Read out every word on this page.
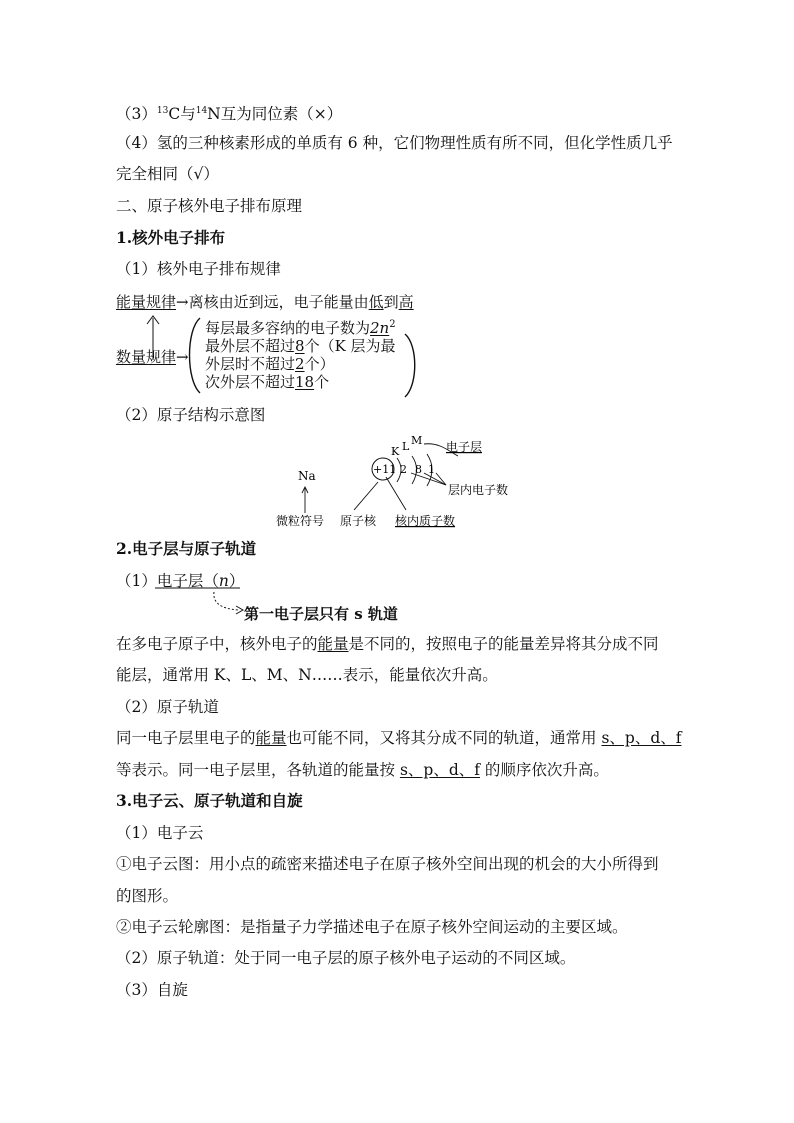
$(3)^{13}C$与$^{14}$N互为同位素（×）
（4）氢的三种核素形成的单质有 6 种，它们物理性质有所不同，但化学性质几乎
完全相同（√）
二、原子核外电子排布原理
1.核外电子排布
（1）核外电子排布规律
能量规律→离核由近到远，电子能量由低到高
数量规律→
每层最多容纳的电子数为$2n^2$
最外层不超过8个（K 层为最
外层时不超过2个）
次外层不超过18个
（2）原子结构示意图
Na	+11 2 8 1
K L M 电子层
层内电子数
微粒符号 原子核 核内质子数
2.电子层与原子轨道
（1）电子层（n）
第一电子层只有 s 轨道
在多电子原子中，核外电子的能量是不同的，按照电子的能量差异将其分成不同
能层，通常用 K、L、M、N……表示，能量依次升高。
（2）原子轨道
同一电子层里电子的能量也可能不同，又将其分成不同的轨道，通常用 s、p、d、f
等表示。同一电子层里，各轨道的能量按 s、p、d、f 的顺序依次升高。
3.电子云、原子轨道和自旋
（1）电子云
①电子云图：用小点的疏密来描述电子在原子核外空间出现的机会的大小所得到
的图形。
②电子云轮廓图：是指量子力学描述电子在原子核外空间运动的主要区域。
（2）原子轨道：处于同一电子层的原子核外电子运动的不同区域。
（3）自旋
